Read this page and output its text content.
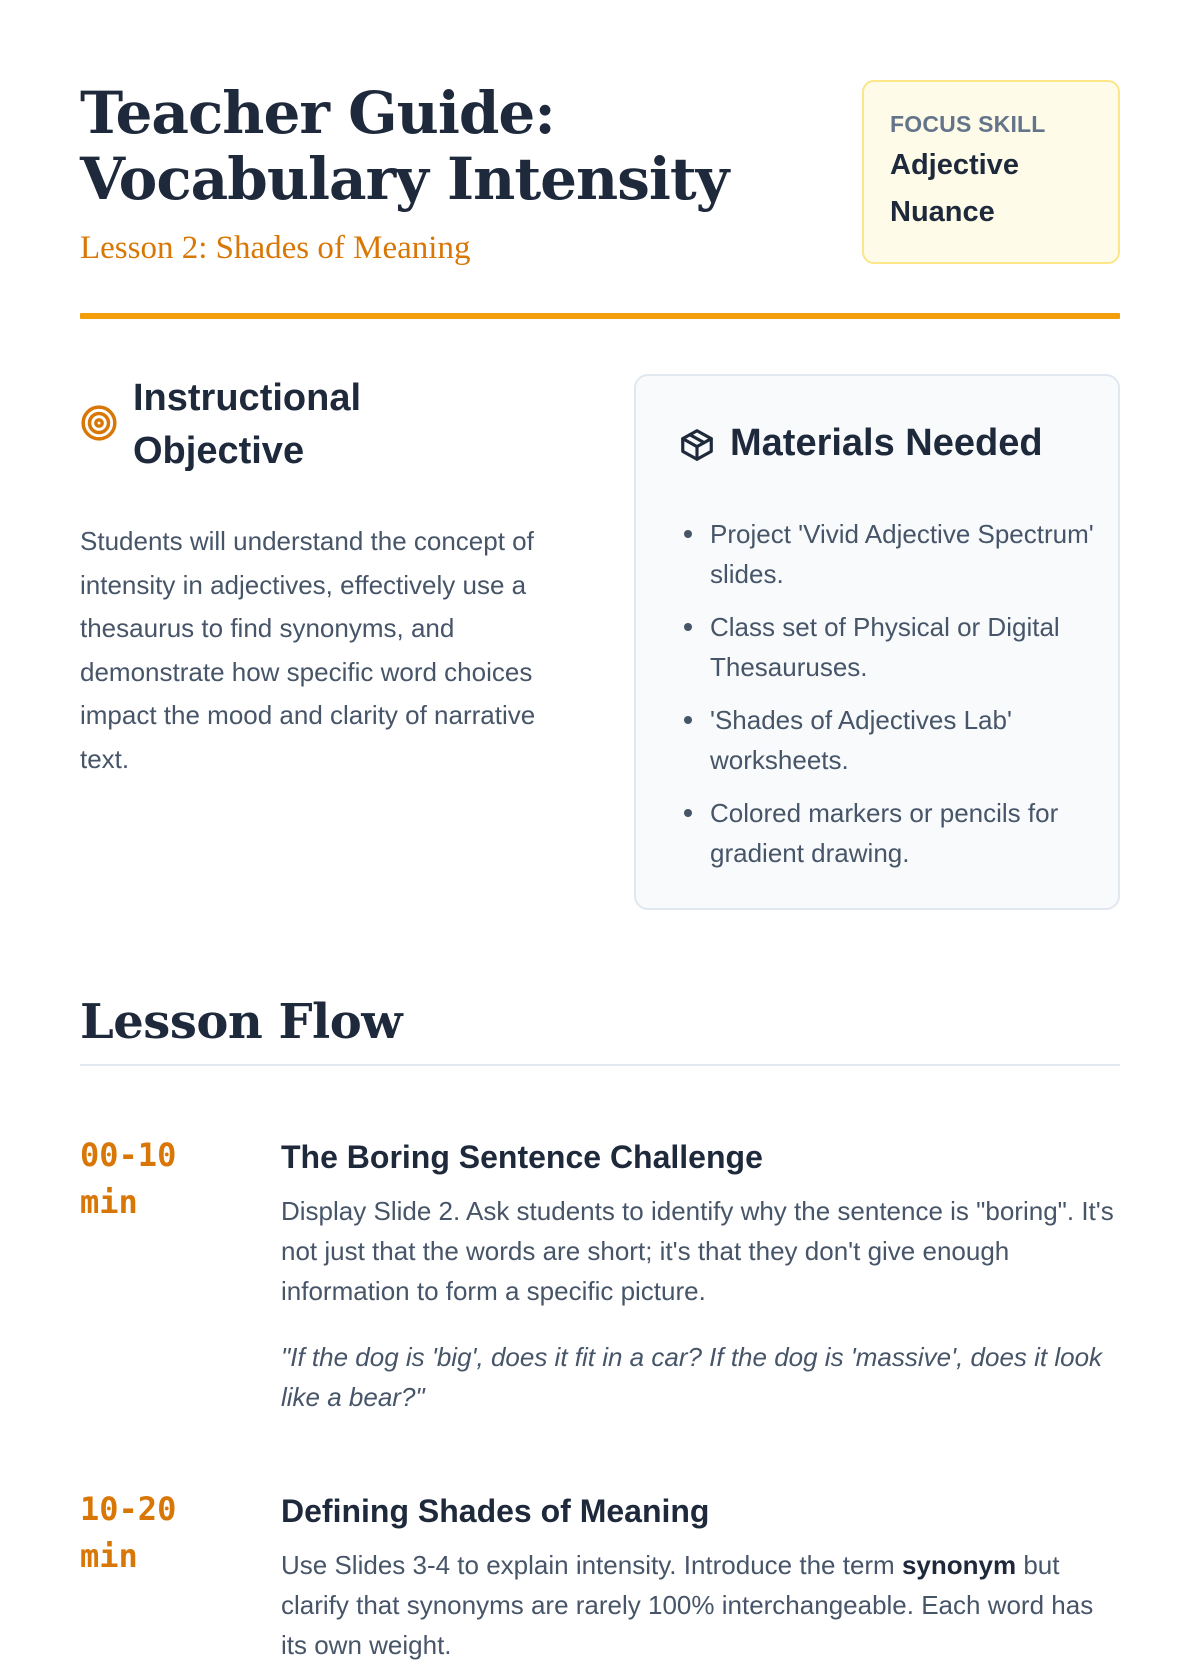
Teacher Guide: Vocabulary Intensity
Lesson 2: Shades of Meaning
FOCUS SKILL
Adjective
Nuance
Instructional Objective

Students will understand the concept of intensity in adjectives, effectively use a thesaurus to find synonyms, and demonstrate how specific word choices impact the mood and clarity of narrative text.

Materials Needed
Project 'Vivid Adjective Spectrum' slides.
Class set of Physical or Digital Thesauruses.
'Shades of Adjectives Lab' worksheets.
Colored markers or pencils for gradient drawing.
Lesson Flow
00-10 min
The Boring Sentence Challenge

Display Slide 2. Ask students to identify why the sentence is "boring". It's not just that the words are short; it's that they don't give enough information to form a specific picture.

"If the dog is 'big', does it fit in a car? If the dog is 'massive', does it look like a bear?"

10-20 min
Defining Shades of Meaning

Use Slides 3-4 to explain intensity. Introduce the term synonym but clarify that synonyms are rarely 100% interchangeable. Each word has its own weight.
